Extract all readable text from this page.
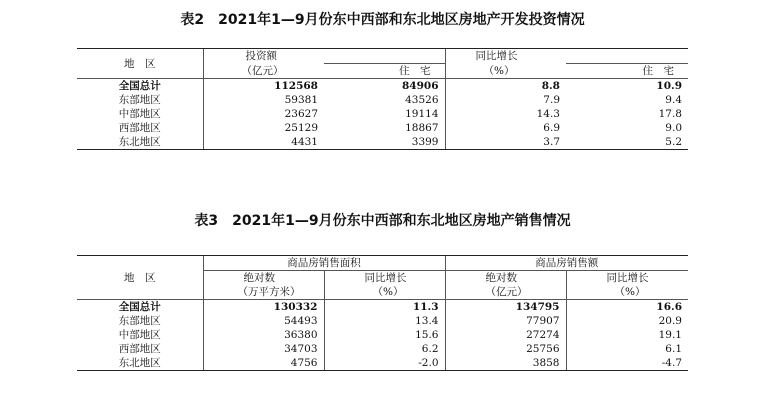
表2　2021年1—9月份东中西部和东北地区房地产开发投资情况
地　区	投资额		同比增长	
	（亿元）	住　宅	（%）	住　宅
全国总计	112568	84906	8.8	10.9
东部地区	59381	43526	7.9	9.4
中部地区	23627	19114	14.3	17.8
西部地区	25129	18867	6.9	9.0
东北地区	4431	3399	3.7	5.2
表3　2021年1—9月份东中西部和东北地区房地产销售情况
地　区	商品房销售面积		商品房销售额	
	绝对数	同比增长	绝对数	同比增长
	（万平方米）	（%）	（亿元）	（%）
全国总计	130332	11.3	134795	16.6
东部地区	54493	13.4	77907	20.9
中部地区	36380	15.6	27274	19.1
西部地区	34703	6.2	25756	6.1
东北地区	4756	-2.0	3858	-4.7
